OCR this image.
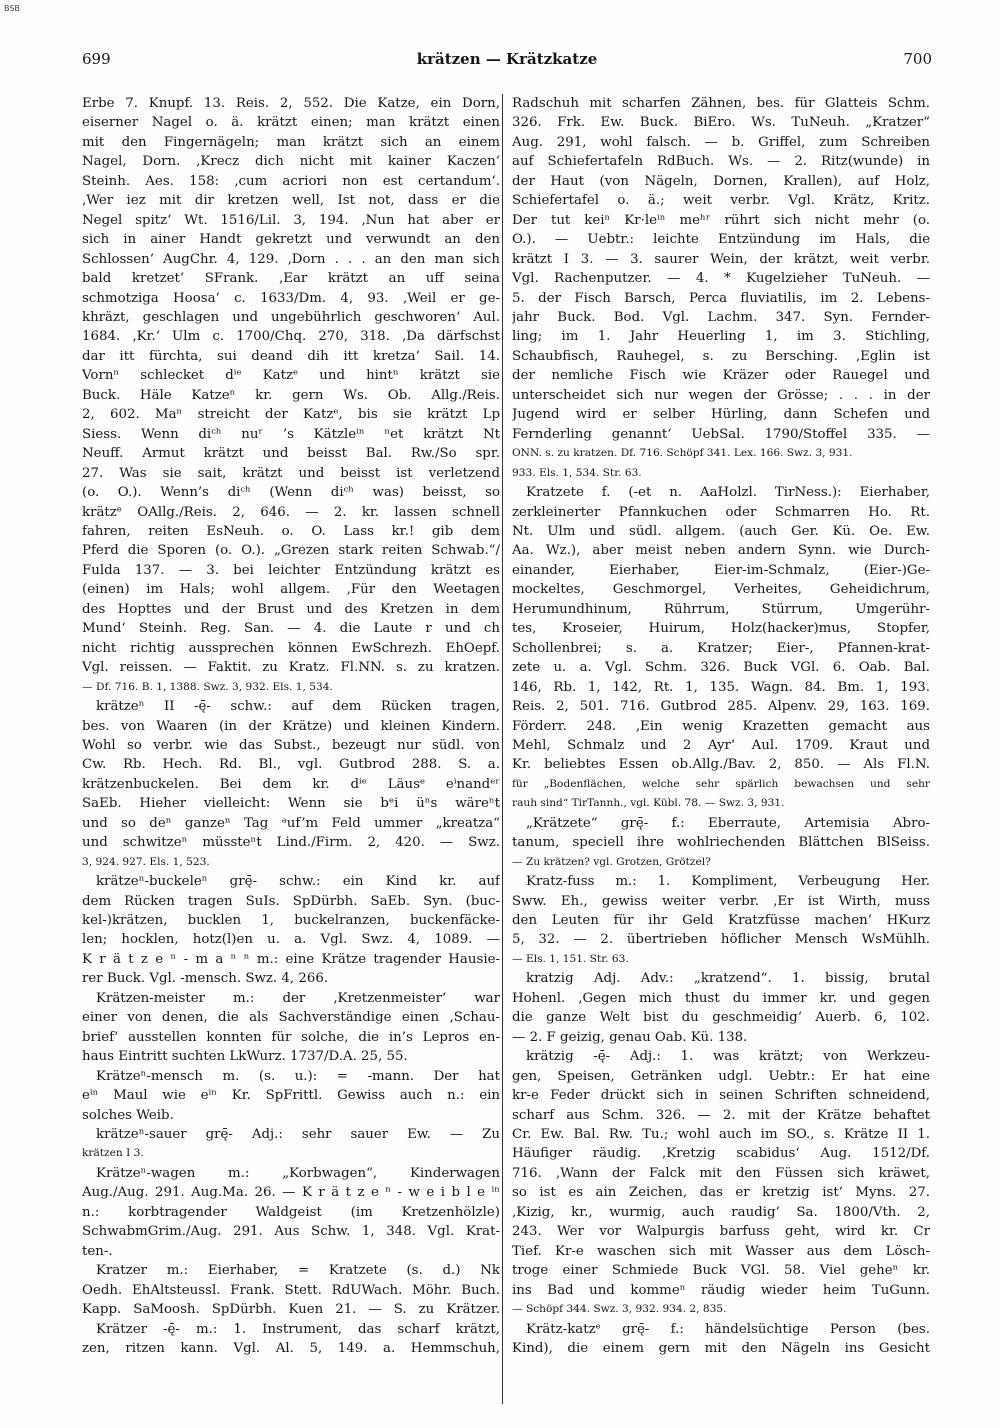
BSB
699	krätzen — Krätzkatze	700
Erbe 7. Knupf. 13. Reis. 2, 552. Die Katze, ein Dorn,
eiserner Nagel o. ä. krätzt einen; man krätzt einen
mit den Fingernägeln; man krätzt sich an einem
Nagel, Dorn. ‚Krecz dich nicht mit kainer Kaczen‘
Steinh. Aes. 158: ‚cum acriori non est certandum‘.
‚Wer iez mit dir kretzen well, Ist not, dass er die
Negel spitz‘ Wt. 1516/Lil. 3, 194. ‚Nun hat aber er
sich in ainer Handt gekretzt und verwundt an den
Schlossen‘ AugChr. 4, 129. ‚Dorn . . . an den man sich
bald kretzet‘ SFrank. ‚Ear krätzt an uff seina
schmotziga Hoosa‘ c. 1633/Dm. 4, 93. ‚Weil er ge-
khräzt, geschlagen und ungebührlich geschworen‘ Aul.
1684. ‚Kr.‘ Ulm c. 1700/Chq. 270, 318. ‚Da därfschst
dar itt fürchta, sui deand dih itt kretza‘ Sail. 14.
Vornⁿ schlecket dⁱᵉ Katzᵉ und hintⁿ krätzt sie
Buck. Häle Katzeⁿ kr. gern Ws. Ob. Allg./Reis.
2, 602. Maⁿ streicht der Katzᵉ, bis sie krätzt Lp
Siess. Wenn diᶜʰ nuʳ ’s Kätzleⁱⁿ ⁿet krätzt Nt
Neuff. Armut krätzt und beisst Bal. Rw./So spr.
27. Was sie sait, krätzt und beisst ist verletzend
(o. O.). Wenn’s diᶜʰ (Wenn diᶜʰ was) beisst, so
krätzᵉ OAllg./Reis. 2, 646. — 2. kr. lassen schnell
fahren, reiten EsNeuh. o. O. Lass kr.! gib dem
Pferd die Sporen (o. O.). „Grezen stark reiten Schwab.“/
Fulda 137. — 3. bei leichter Entzündung krätzt es
(einen) im Hals; wohl allgem. ‚Für den Weetagen
des Hopttes und der Brust und des Kretzen in dem
Mund‘ Steinh. Reg. San. — 4. die Laute r und ch
nicht richtig aussprechen können EwSchrezh. EhOepf.
Vgl. reissen. — Faktit. zu Kratz. Fl.NN. s. zu kratzen.
— Df. 716. B. 1, 1388. Swz. 3, 932. Els. 1, 534.
krätzeⁿ II -ę̄- schw.: auf dem Rücken tragen,
bes. von Waaren (in der Krätze) und kleinen Kindern.
Wohl so verbr. wie das Subst., bezeugt nur südl. von
Cw. Rb. Hech. Rd. Bl., vgl. Gutbrod 288. S. a.
krätzenbuckelen. Bei dem kr. dⁱᵉ Läusᵉ eⁱnandᵉʳ
SaEb. Hieher vielleicht: Wenn sie bᵉi üⁿs wäreⁿt
und so deⁿ ganzeⁿ Tag ᵃuf’m Feld ummer „kreatza“
und schwitzeⁿ müssteⁿt Lind./Firm. 2, 420. — Swz.
3, 924. 927. Els. 1, 523.
krätzeⁿ-buckeleⁿ grę̄- schw.: ein Kind kr. auf
dem Rücken tragen SuIs. SpDürbh. SaEb. Syn. (buc-
kel-)krätzen, bucklen 1, buckelranzen, buckenfäcke-
len; hocklen, hotz(l)en u. a. Vgl. Swz. 4, 1089. —
K r ä t z e ⁿ - m a ⁿ ⁿ m.: eine Krätze tragender Hausie-
rer Buck. Vgl. -mensch. Swz. 4, 266.
Krätzen-meister m.: der ‚Kretzenmeister‘ war
einer von denen, die als Sachverständige einen ‚Schau-
brief‘ ausstellen konnten für solche, die in’s Lepros en-
haus Eintritt suchten LkWurz. 1737/D.A. 25, 55.
Krätzeⁿ-mensch m. (s. u.): = -mann. Der hat
eⁱⁿ Maul wie eⁱⁿ Kr. SpFrittl. Gewiss auch n.: ein
solches Weib.
krätzeⁿ-sauer grę̄- Adj.: sehr sauer Ew. — Zu
krätzen I 3.
Krätzeⁿ-wagen m.: „Korbwagen“, Kinderwagen
Aug./Aug. 291. Aug.Ma. 26. — K r ä t z e ⁿ - w e i b l e ⁱⁿ
n.: korbtragender Waldgeist (im Kretzenhölzle)
SchwabmGrim./Aug. 291. Aus Schw. 1, 348. Vgl. Krat-
ten-.
Kratzer m.: Eierhaber, = Kratzete (s. d.) Nk
Oedh. EhAltsteussl. Frank. Stett. RdUWach. Möhr. Buch.
Kapp. SaMoosh. SpDürbh. Kuen 21. — S. zu Krätzer.
Krätzer -ę̄- m.: 1. Instrument, das scharf krätzt,
zen, ritzen kann. Vgl. Al. 5, 149. a. Hemmschuh,
Radschuh mit scharfen Zähnen, bes. für Glatteis Schm.
326. Frk. Ew. Buck. BiEro. Ws. TuNeuh. „Kratzer“
Aug. 291, wohl falsch. — b. Griffel, zum Schreiben
auf Schiefertafeln RdBuch. Ws. — 2. Ritz(wunde) in
der Haut (von Nägeln, Dornen, Krallen), auf Holz,
Schiefertafel o. ä.; weit verbr. Vgl. Krätz, Kritz.
Der tut keiⁿ Kr·leⁱⁿ meʰʳ rührt sich nicht mehr (o.
O.). — Uebtr.: leichte Entzündung im Hals, die
krätzt I 3. — 3. saurer Wein, der krätzt, weit verbr.
Vgl. Rachenputzer. — 4. * Kugelzieher TuNeuh. —
5. der Fisch Barsch, Perca fluviatilis, im 2. Lebens-
jahr Buck. Bod. Vgl. Lachm. 347. Syn. Fernder-
ling; im 1. Jahr Heuerling 1, im 3. Stichling,
Schaubfisch, Rauhegel, s. zu Bersching. ‚Eglin ist
der nemliche Fisch wie Kräzer oder Rauegel und
unterscheidet sich nur wegen der Grösse; . . . in der
Jugend wird er selber Hürling, dann Schefen und
Fernderling genannt‘ UebSal. 1790/Stoffel 335. —
ONN. s. zu kratzen. Df. 716. Schöpf 341. Lex. 166. Swz. 3, 931.
933. Els. 1, 534. Str. 63.
Kratzete f. (-et n. AaHolzl. TirNess.): Eierhaber,
zerkleinerter Pfannkuchen oder Schmarren Ho. Rt.
Nt. Ulm und südl. allgem. (auch Ger. Kü. Oe. Ew.
Aa. Wz.), aber meist neben andern Synn. wie Durch-
einander, Eierhaber, Eier-im-Schmalz, (Eier-)Ge-
mockeltes, Geschmorgel, Verheites, Geheidichrum,
Herumundhinum, Rührrum, Stürrum, Umgerühr-
tes, Kroseier, Huirum, Holz(hacker)mus, Stopfer,
Schollenbrei; s. a. Kratzer; Eier-, Pfannen-krat-
zete u. a. Vgl. Schm. 326. Buck VGl. 6. Oab. Bal.
146, Rb. 1, 142, Rt. 1, 135. Wagn. 84. Bm. 1, 193.
Reis. 2, 501. 716. Gutbrod 285. Alpenv. 29, 163. 169.
Förderr. 248. ‚Ein wenig Krazetten gemacht aus
Mehl, Schmalz und 2 Ayr‘ Aul. 1709. Kraut und
Kr. beliebtes Essen ob.Allg./Bav. 2, 850. — Als Fl.N.
für „Bodenflächen, welche sehr spärlich bewachsen und sehr
rauh sind“ TirTannh., vgl. Kübl. 78. — Swz. 3, 931.
„Krätzete“ grę̄- f.: Eberraute, Artemisia Abro-
tanum, speciell ihre wohlriechenden Blättchen BlSeiss.
— Zu krätzen? vgl. Grotzen, Grötzel?
Kratz-fuss m.: 1. Kompliment, Verbeugung Her.
Sww. Eh., gewiss weiter verbr. ‚Er ist Wirth, muss
den Leuten für ihr Geld Kratzfüsse machen‘ HKurz
5, 32. — 2. übertrieben höflicher Mensch WsMühlh.
— Els. 1, 151. Str. 63.
kratzig Adj. Adv.: „kratzend“. 1. bissig, brutal
Hohenl. ‚Gegen mich thust du immer kr. und gegen
die ganze Welt bist du geschmeidig‘ Auerb. 6, 102.
— 2. F geizig, genau Oab. Kü. 138.
krätzig -ę̄- Adj.: 1. was krätzt; von Werkzeu-
gen, Speisen, Getränken udgl. Uebtr.: Er hat eine
kr-e Feder drückt sich in seinen Schriften schneidend,
scharf aus Schm. 326. — 2. mit der Krätze behaftet
Cr. Ew. Bal. Rw. Tu.; wohl auch im SO., s. Krätze II 1.
Häufiger räudig. ‚Kretzig scabidus‘ Aug. 1512/Df.
716. ‚Wann der Falck mit den Füssen sich kräwet,
so ist es ain Zeichen, das er kretzig ist‘ Myns. 27.
‚Kizig, kr., wurmig, auch raudig‘ Sa. 1800/Vth. 2,
243. Wer vor Walpurgis barfuss geht, wird kr. Cr
Tief. Kr-e waschen sich mit Wasser aus dem Lösch-
troge einer Schmiede Buck VGl. 58. Viel geheⁿ kr.
ins Bad und kommeⁿ räudig wieder heim TuGunn.
— Schöpf 344. Swz. 3, 932. 934. 2, 835.
Krätz-katzᵉ grę̄- f.: händelsüchtige Person (bes.
Kind), die einem gern mit den Nägeln ins Gesicht
